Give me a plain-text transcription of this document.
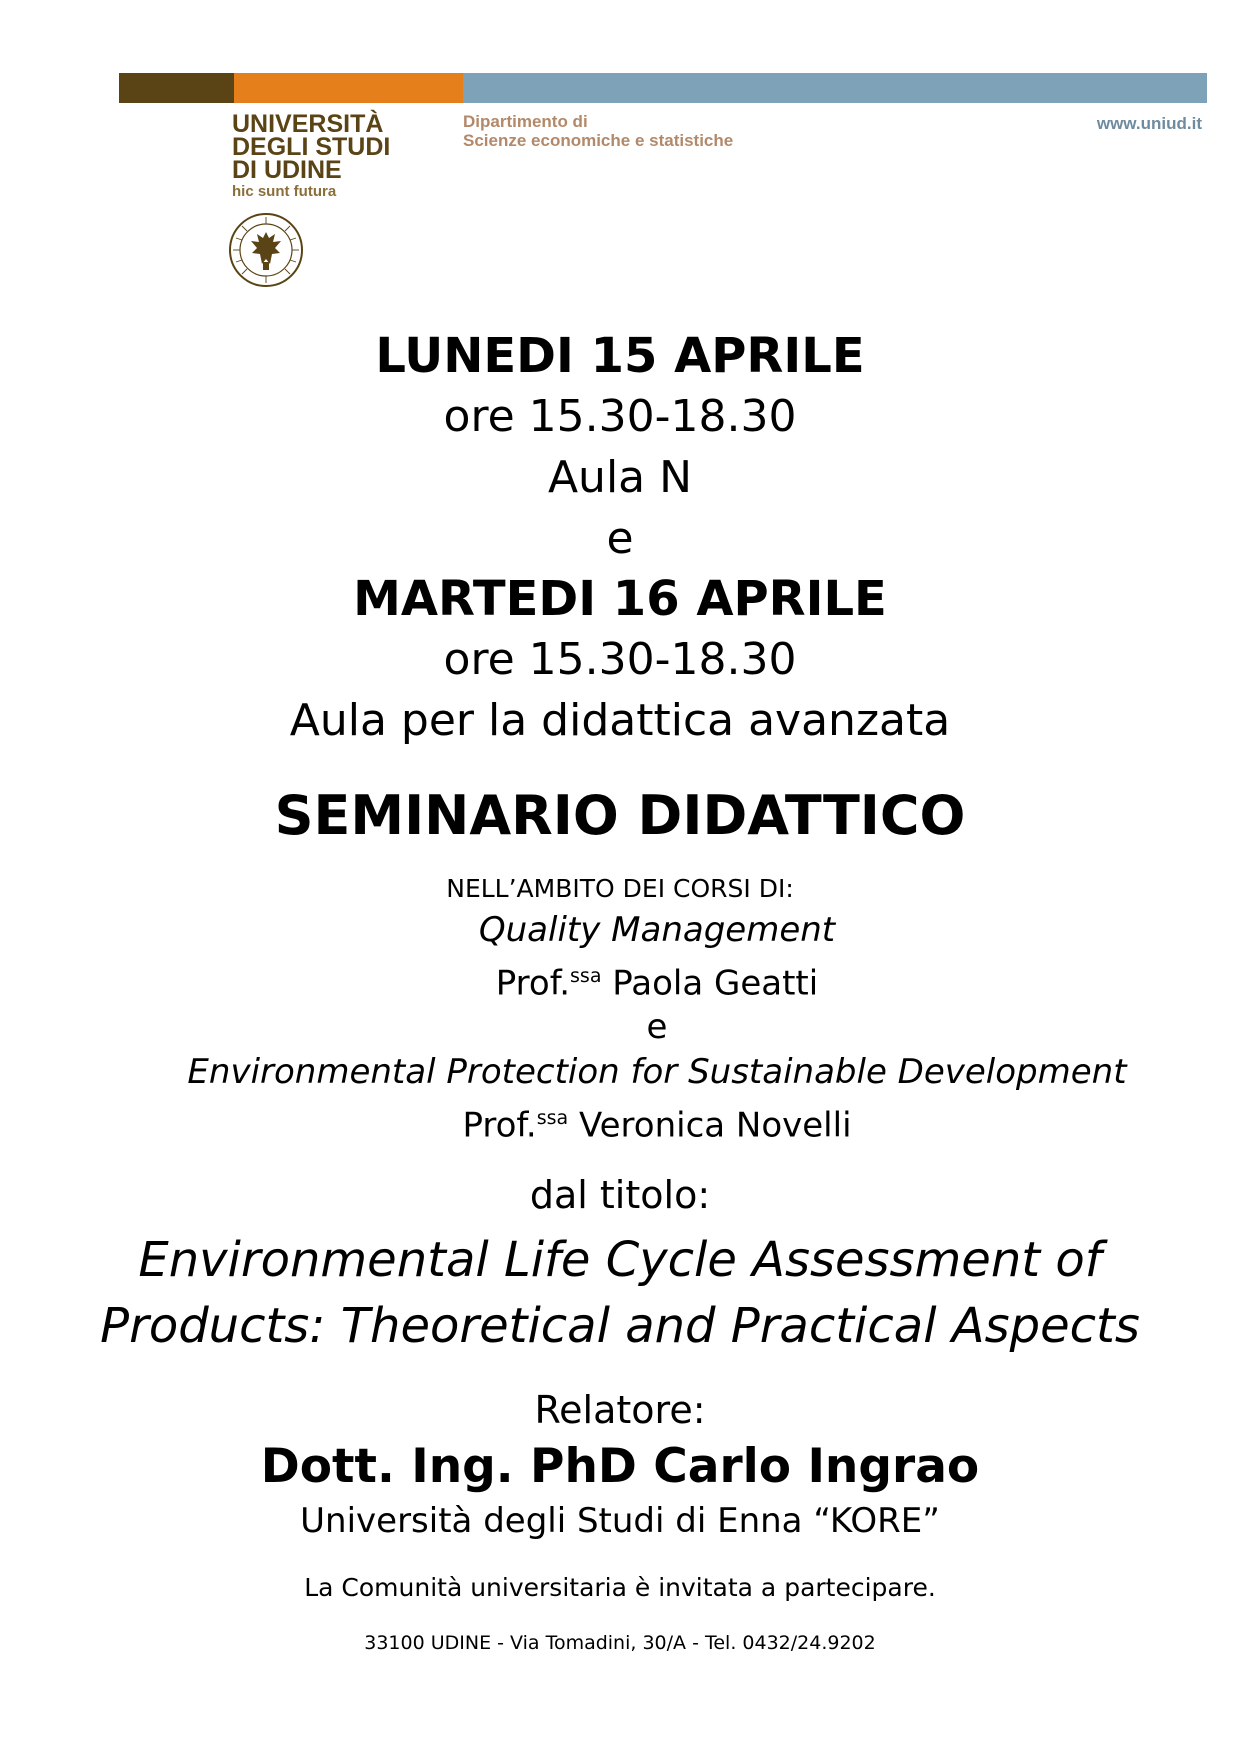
UNIVERSITÀ
DEGLI STUDI
DI UDINE
hic sunt futura
Dipartimento di
Scienze economiche e statistiche
www.uniud.it
LUNEDI 15 APRILE
ore 15.30-18.30
Aula N
e
MARTEDI 16 APRILE
ore 15.30-18.30
Aula per la didattica avanzata
SEMINARIO DIDATTICO
NELL’AMBITO DEI CORSI DI:
Quality Management
Prof.$^{ssa}$ Paola Geatti
e
Environmental Protection for Sustainable Development
Prof.$^{ssa}$ Veronica Novelli
dal titolo:
Environmental Life Cycle Assessment of
Products: Theoretical and Practical Aspects
Relatore:
Dott. Ing. PhD Carlo Ingrao
Università degli Studi di Enna “KORE”
La Comunità universitaria è invitata a partecipare.
33100 UDINE - Via Tomadini, 30/A - Tel. 0432/24.9202
